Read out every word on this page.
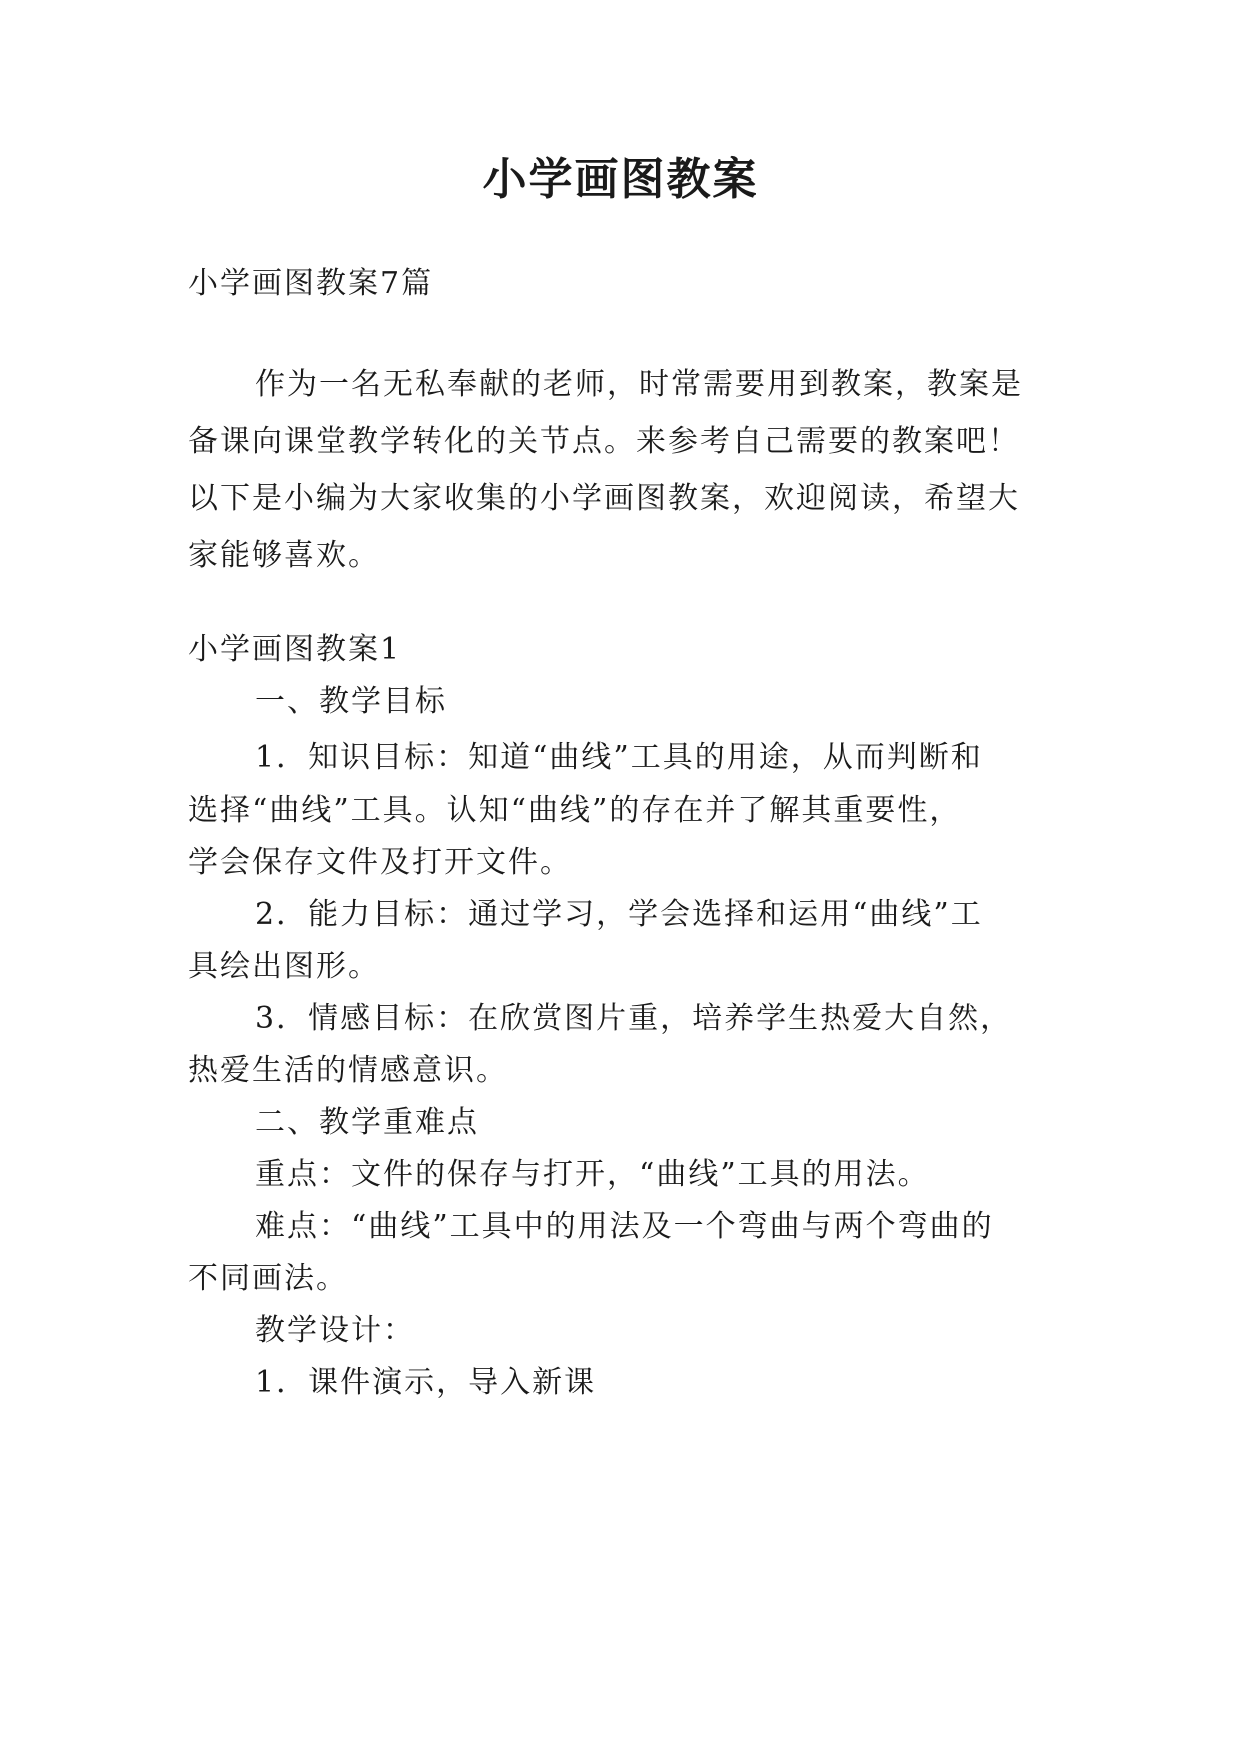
小学画图教案
小学画图教案7篇
作为一名无私奉献的老师，时常需要用到教案，教案是
备课向课堂教学转化的关节点。来参考自己需要的教案吧！
以下是小编为大家收集的小学画图教案，欢迎阅读，希望大
家能够喜欢。
小学画图教案1
一、教学目标
1．知识目标：知道“曲线”工具的用途，从而判断和
选择“曲线”工具。认知“曲线”的存在并了解其重要性，
学会保存文件及打开文件。
2．能力目标：通过学习，学会选择和运用“曲线”工
具绘出图形。
3．情感目标：在欣赏图片重，培养学生热爱大自然，
热爱生活的情感意识。
二、教学重难点
重点：文件的保存与打开，“曲线”工具的用法。
难点：“曲线”工具中的用法及一个弯曲与两个弯曲的
不同画法。
教学设计：
1．课件演示，导入新课
